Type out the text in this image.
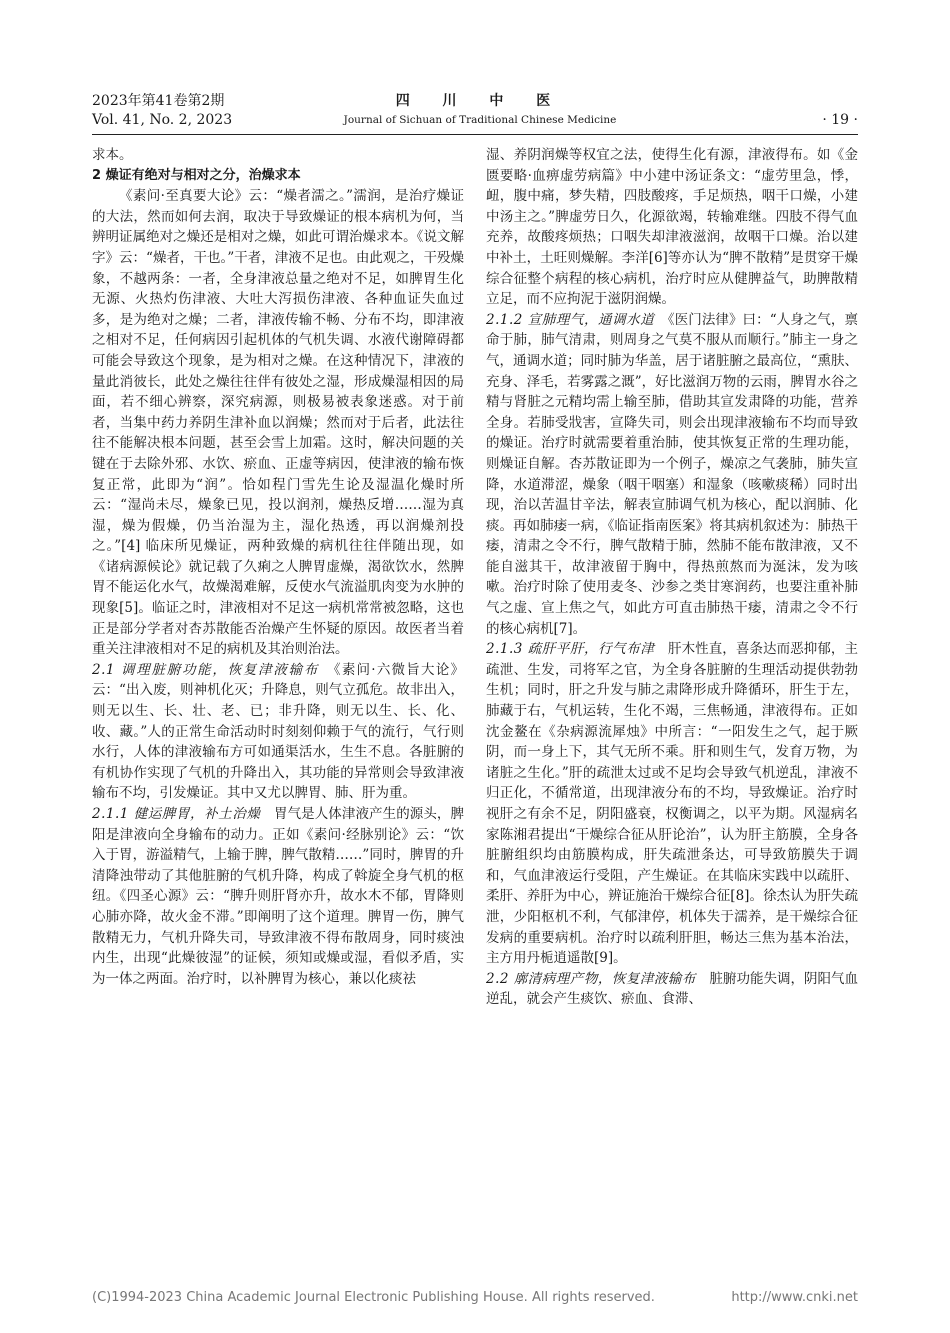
2023年第41卷第2期
Vol. 41, No. 2, 2023
四 川 中 医
Journal of Sichuan of Traditional Chinese Medicine	· 19 ·

求本。

2 燥证有绝对与相对之分，治燥求本

《素问·至真要大论》云：“燥者濡之。”濡润，是治疗燥证的大法，然而如何去润，取决于导致燥证的根本病机为何，当辨明证属绝对之燥还是相对之燥，如此可谓治燥求本。《说文解字》云：“燥者，干也。”干者，津液不足也。由此观之，干殁燥象，不越两条：一者，全身津液总量之绝对不足，如脾胃生化无源、火热灼伤津液、大吐大泻损伤津液、各种血证失血过多，是为绝对之燥；二者，津液传输不畅、分布不均，即津液之相对不足，任何病因引起机体的气机失调、水液代谢障碍都可能会导致这个现象，是为相对之燥。在这种情况下，津液的量此消彼长，此处之燥往往伴有彼处之湿，形成燥湿相因的局面，若不细心辨察，深究病源，则极易被表象迷惑。对于前者，当集中药力养阴生津补血以润燥；然而对于后者，此法往往不能解决根本问题，甚至会雪上加霜。这时，解决问题的关键在于去除外邪、水饮、瘀血、正虚等病因，使津液的输布恢复正常，此即为“润”。恰如程门雪先生论及湿温化燥时所云：“湿尚未尽，燥象已见，投以润剂，燥热反增……湿为真湿，燥为假燥，仍当治湿为主，湿化热透，再以润燥剂投之。”[4] 临床所见燥证，两种致燥的病机往往伴随出现，如《诸病源候论》就记载了久痢之人脾胃虚燥，渴欲饮水，然脾胃不能运化水气，故燥渴难解，反使水气流溢肌肉变为水肿的现象[5]。临证之时，津液相对不足这一病机常常被忽略，这也正是部分学者对杏苏散能否治燥产生怀疑的原因。故医者当着重关注津液相对不足的病机及其治则治法。

2.1 调理脏腑功能，恢复津液输布　 《素问·六微旨大论》云：“出入废，则神机化灭；升降息，则气立孤危。故非出入，则无以生、长、壮、老、已；非升降，则无以生、长、化、收、藏。”人的正常生命活动时时刻刻仰赖于气的流行，气行则水行，人体的津液输布方可如通渠活水，生生不息。各脏腑的有机协作实现了气机的升降出入，其功能的异常则会导致津液输布不均，引发燥证。其中又尤以脾胃、肺、肝为重。

2.1.1 健运脾胃，补土治燥　 胃气是人体津液产生的源头，脾阳是津液向全身输布的动力。正如《素问·经脉别论》云：“饮入于胃，游溢精气，上输于脾，脾气散精……”同时，脾胃的升清降浊带动了其他脏腑的气机升降，构成了斡旋全身气机的枢纽。《四圣心源》云：“脾升则肝肾亦升，故水木不郁，胃降则心肺亦降，故火金不滞。”即阐明了这个道理。脾胃一伤，脾气散精无力，气机升降失司，导致津液不得布散周身，同时痰浊内生，出现“此燥彼湿”的证候，须知或燥或湿，看似矛盾，实为一体之两面。治疗时，以补脾胃为核心，兼以化痰祛

湿、养阴润燥等权宜之法，使得生化有源，津液得布。如《金匮要略·血痹虚劳病篇》中小建中汤证条文：“虚劳里急，悸，衄，腹中痛，梦失精，四肢酸疼，手足烦热，咽干口燥，小建中汤主之。”脾虚劳日久，化源欲竭，转输难继。四肢不得气血充养，故酸疼烦热；口咽失却津液滋润，故咽干口燥。治以建中补土，土旺则燥解。李洋[6]等亦认为“脾不散精”是贯穿干燥综合征整个病程的核心病机，治疗时应从健脾益气，助脾散精立足，而不应拘泥于滋阴润燥。

2.1.2 宣肺理气，通调水道　 《医门法律》曰：“人身之气，禀命于肺，肺气清肃，则周身之气莫不服从而顺行。”肺主一身之气，通调水道；同时肺为华盖，居于诸脏腑之最高位，“熏肤、充身、泽毛，若雾露之溉”，好比滋润万物的云雨，脾胃水谷之精与肾脏之元精均需上输至肺，借助其宣发肃降的功能，营养全身。若肺受戕害，宣降失司，则会出现津液输布不均而导致的燥证。治疗时就需要着重治肺，使其恢复正常的生理功能，则燥证自解。杏苏散证即为一个例子，燥凉之气袭肺，肺失宣降，水道滞涩，燥象（咽干咽塞）和湿象（咳嗽痰稀）同时出现，治以苦温甘辛法，解表宣肺调气机为核心，配以润肺、化痰。再如肺痿一病，《临证指南医案》将其病机叙述为：肺热干痿，清肃之令不行，脾气散精于肺，然肺不能布散津液，又不能自滋其干，故津液留于胸中，得热煎熬而为涎沫，发为咳嗽。治疗时除了使用麦冬、沙参之类甘寒润药，也要注重补肺气之虚、宣上焦之气，如此方可直击肺热干痿，清肃之令不行的核心病机[7]。

2.1.3 疏肝平肝，行气布津　 肝木性直，喜条达而恶抑郁，主疏泄、生发，司将军之官，为全身各脏腑的生理活动提供勃勃生机；同时，肝之升发与肺之肃降形成升降循环，肝生于左，肺藏于右，气机运转，生化不竭，三焦畅通，津液得布。正如沈金鳌在《杂病源流犀烛》中所言：“一阳发生之气，起于厥阴，而一身上下，其气无所不乘。肝和则生气，发育万物，为诸脏之生化。”肝的疏泄太过或不足均会导致气机逆乱，津液不归正化，不循常道，出现津液分布的不均，导致燥证。治疗时视肝之有余不足，阴阳盛衰，权衡调之，以平为期。风湿病名家陈湘君提出“干燥综合征从肝论治”，认为肝主筋膜，全身各脏腑组织均由筋膜构成，肝失疏泄条达，可导致筋膜失于调和，气血津液运行受阻，产生燥证。在其临床实践中以疏肝、柔肝、养肝为中心，辨证施治干燥综合征[8]。徐杰认为肝失疏泄，少阳枢机不利，气郁津停，机体失于濡养，是干燥综合征发病的重要病机。治疗时以疏利肝胆，畅达三焦为基本治法，主方用丹栀逍遥散[9]。

2.2 廓清病理产物，恢复津液输布　 脏腑功能失调，阴阳气血逆乱，就会产生痰饮、瘀血、食滞、

(C)1994-2023 China Academic Journal Electronic Publishing House. All rights reserved.	http://www.cnki.net
